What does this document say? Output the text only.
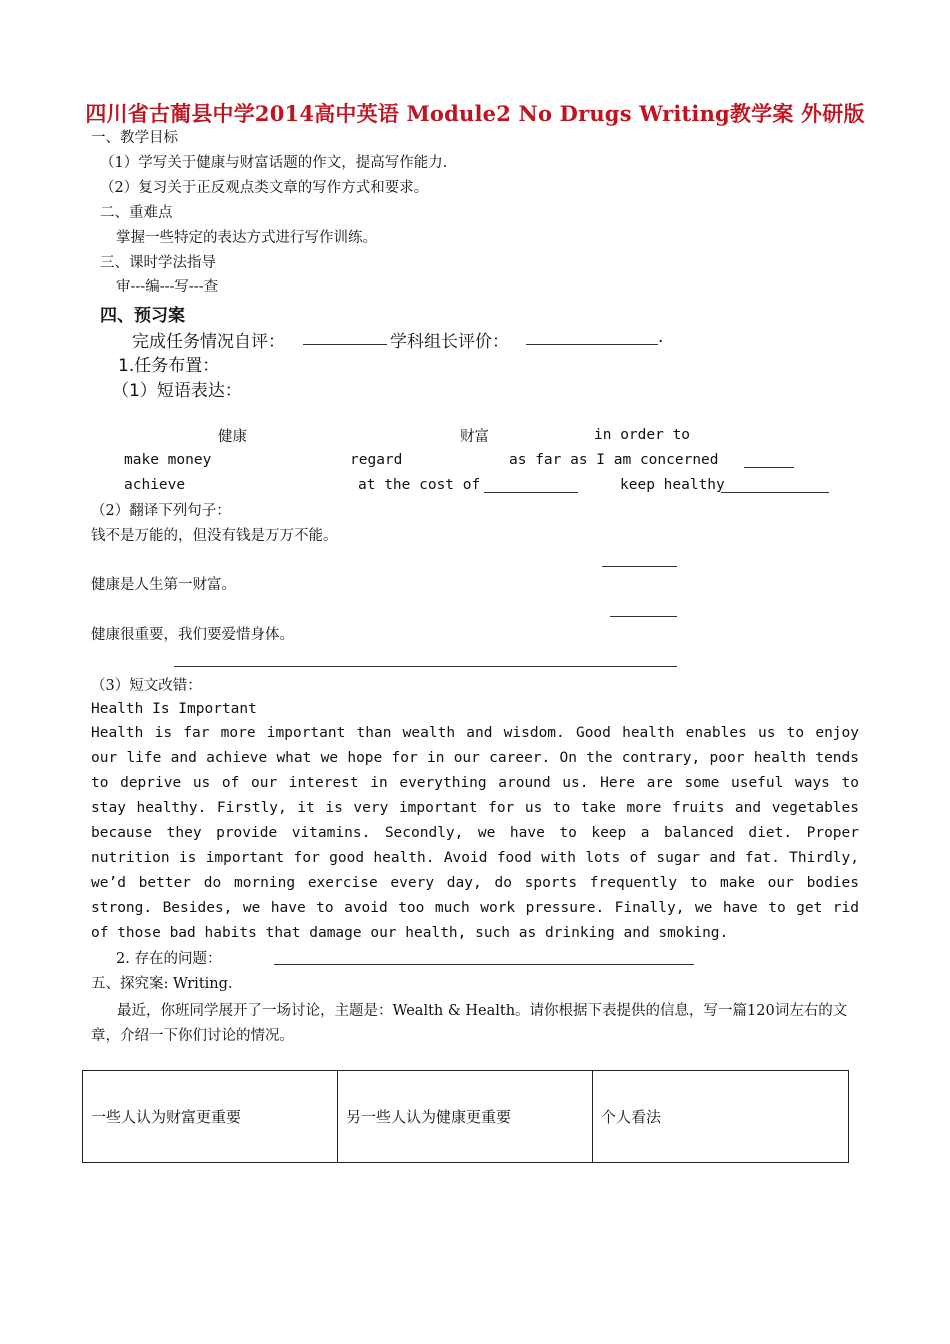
四川省古蔺县中学2014高中英语 Module2 No Drugs Writing教学案 外研版
一、教学目标
（1）学写关于健康与财富话题的作文，提高写作能力.
（2）复习关于正反观点类文章的写作方式和要求。
二、重难点
掌握一些特定的表达方式进行写作训练。
三、课时学法指导
审---编---写---查
四、预习案
完成任务情况自评：	学科组长评价：	.
1.任务布置：
（1）短语表达：
健康	财富	in order to
make money	regard	as far as I am concerned
achieve	at the cost of	keep healthy
（2）翻译下列句子：
钱不是万能的，但没有钱是万万不能。
健康是人生第一财富。
健康很重要，我们要爱惜身体。
（3）短文改错：
Health Is Important
Health is far more important than wealth and wisdom. Good health enables us to enjoy our life and achieve what we hope for in our career. On the contrary, poor health tends to deprive us of our interest in everything around us. Here are some useful ways to stay healthy. Firstly, it is very important for us to take more fruits and vegetables because they provide vitamins. Secondly, we have to keep a balanced diet. Proper nutrition is important for good health. Avoid food with lots of sugar and fat. Thirdly, we’d better do morning exercise every day, do sports frequently to make our bodies strong. Besides, we have to avoid too much work pressure. Finally, we have to get rid of those bad habits that damage our health, such as drinking and smoking.
2. 存在的问题：
五、探究案: Writing.
最近，你班同学展开了一场讨论，主题是：Wealth & Health。请你根据下表提供的信息，写一篇120词左右的文章，介绍一下你们讨论的情况。
一些人认为财富更重要	另一些人认为健康更重要	个人看法
